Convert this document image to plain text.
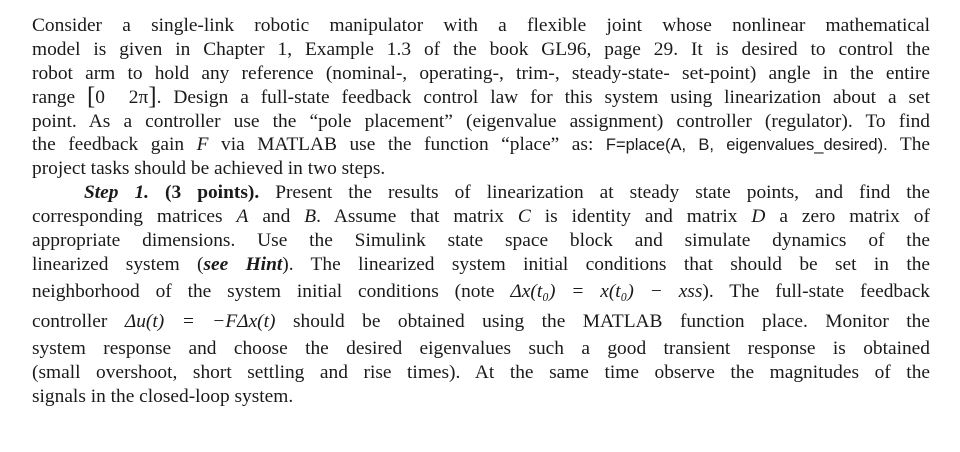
Consider a single-link robotic manipulator with a flexible joint whose nonlinear mathematical
model is given in Chapter 1, Example 1.3 of the book GL96, page 29. It is desired to control the
robot arm to hold any reference (nominal-, operating-, trim-, steady-state- set-point) angle in the entire
range [0 2π]. Design a full-state feedback control law for this system using linearization about a set
point. As a controller use the “pole placement” (eigenvalue assignment) controller (regulator). To find
the feedback gain F via MATLAB use the function “place” as: F=place(A, B, eigenvalues_desired). The
project tasks should be achieved in two steps.
Step 1. (3 points). Present the results of linearization at steady state points, and find the
corresponding matrices A and B. Assume that matrix C is identity and matrix D a zero matrix of
appropriate dimensions. Use the Simulink state space block and simulate dynamics of the
linearized system (see Hint). The linearized system initial conditions that should be set in the
neighborhood of the system initial conditions (note Δx(t₀) = x(t₀) − xss). The full-state feedback
controller Δu(t) = −FΔx(t) should be obtained using the MATLAB function place. Monitor the
system response and choose the desired eigenvalues such a good transient response is obtained
(small overshoot, short settling and rise times). At the same time observe the magnitudes of the
signals in the closed-loop system.
